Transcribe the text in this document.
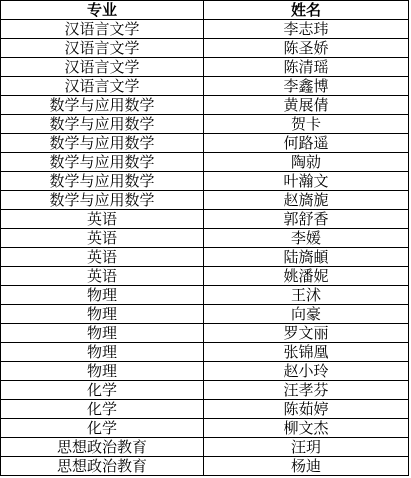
专业	姓名
汉语言文学	李志玮
汉语言文学	陈圣娇
汉语言文学	陈清瑶
汉语言文学	李鑫博
数学与应用数学	黄展倩
数学与应用数学	贺卡
数学与应用数学	何路遥
数学与应用数学	陶勍
数学与应用数学	叶瀚文
数学与应用数学	赵旖旎
英语	郭舒香
英语	李媛
英语	陆旖頔
英语	姚潘妮
物理	王沭
物理	向豪
物理	罗文丽
物理	张锦凰
物理	赵小玲
化学	汪孝芬
化学	陈茹婷
化学	柳文杰
思想政治教育	汪玥
思想政治教育	杨迪
